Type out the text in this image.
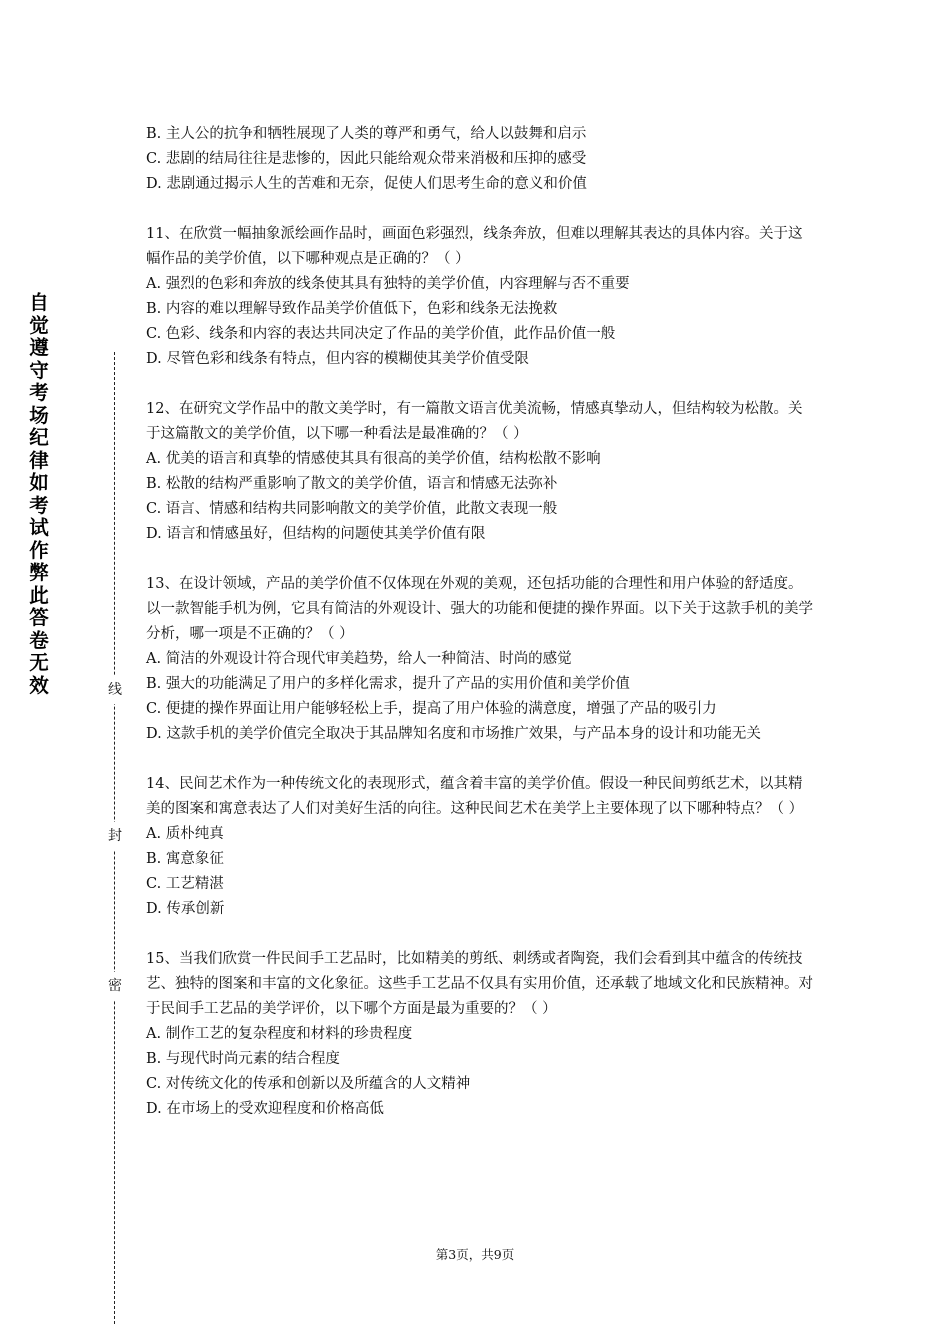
自觉遵守考场纪律如考试作弊此答卷无效	线
封
密
B. 主人公的抗争和牺牲展现了人类的尊严和勇气，给人以鼓舞和启示
C. 悲剧的结局往往是悲惨的，因此只能给观众带来消极和压抑的感受
D. 悲剧通过揭示人生的苦难和无奈，促使人们思考生命的意义和价值
11、在欣赏一幅抽象派绘画作品时，画面色彩强烈，线条奔放，但难以理解其表达的具体内容。关于这幅作品的美学价值，以下哪种观点是正确的？（ ）
A. 强烈的色彩和奔放的线条使其具有独特的美学价值，内容理解与否不重要
B. 内容的难以理解导致作品美学价值低下，色彩和线条无法挽救
C. 色彩、线条和内容的表达共同决定了作品的美学价值，此作品价值一般
D. 尽管色彩和线条有特点，但内容的模糊使其美学价值受限
12、在研究文学作品中的散文美学时，有一篇散文语言优美流畅，情感真挚动人，但结构较为松散。关于这篇散文的美学价值，以下哪一种看法是最准确的？（ ）
A. 优美的语言和真挚的情感使其具有很高的美学价值，结构松散不影响
B. 松散的结构严重影响了散文的美学价值，语言和情感无法弥补
C. 语言、情感和结构共同影响散文的美学价值，此散文表现一般
D. 语言和情感虽好，但结构的问题使其美学价值有限
13、在设计领域，产品的美学价值不仅体现在外观的美观，还包括功能的合理性和用户体验的舒适度。以一款智能手机为例，它具有简洁的外观设计、强大的功能和便捷的操作界面。以下关于这款手机的美学分析，哪一项是不正确的？（ ）
A. 简洁的外观设计符合现代审美趋势，给人一种简洁、时尚的感觉
B. 强大的功能满足了用户的多样化需求，提升了产品的实用价值和美学价值
C. 便捷的操作界面让用户能够轻松上手，提高了用户体验的满意度，增强了产品的吸引力
D. 这款手机的美学价值完全取决于其品牌知名度和市场推广效果，与产品本身的设计和功能无关
14、民间艺术作为一种传统文化的表现形式，蕴含着丰富的美学价值。假设一种民间剪纸艺术，以其精美的图案和寓意表达了人们对美好生活的向往。这种民间艺术在美学上主要体现了以下哪种特点？（ ）
A. 质朴纯真
B. 寓意象征
C. 工艺精湛
D. 传承创新
15、当我们欣赏一件民间手工艺品时，比如精美的剪纸、刺绣或者陶瓷，我们会看到其中蕴含的传统技艺、独特的图案和丰富的文化象征。这些手工艺品不仅具有实用价值，还承载了地域文化和民族精神。对于民间手工艺品的美学评价，以下哪个方面是最为重要的？（ ）
A. 制作工艺的复杂程度和材料的珍贵程度
B. 与现代时尚元素的结合程度
C. 对传统文化的传承和创新以及所蕴含的人文精神
D. 在市场上的受欢迎程度和价格高低
第3页，共9页
